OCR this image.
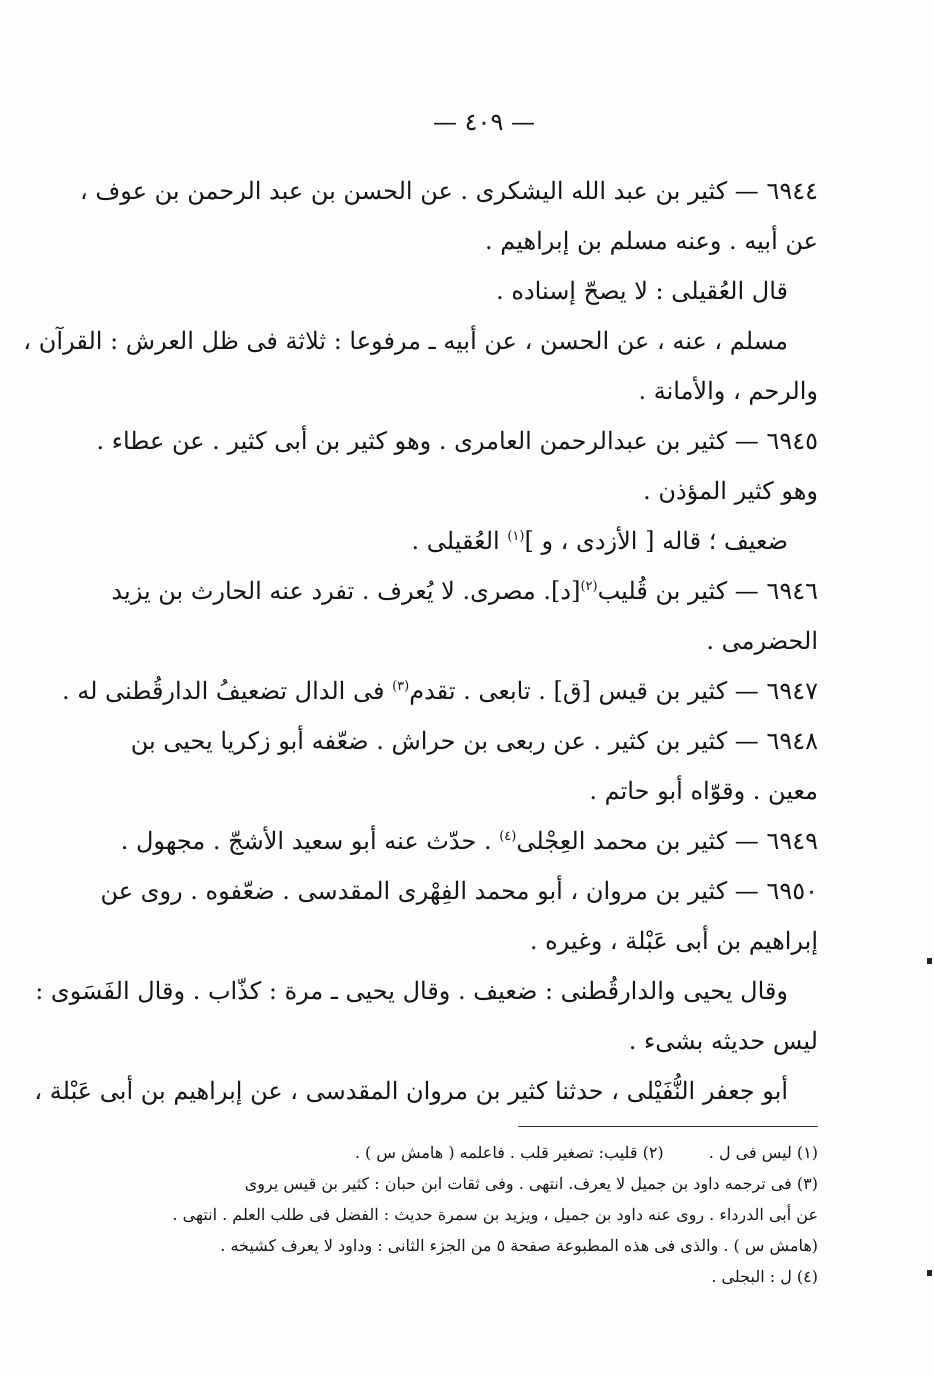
— ٤٠٩ —

٦٩٤٤ — كثير بن عبد الله اليشكرى . عن الحسن بن عبد الرحمن بن عوف ،

عن أبيه . وعنه مسلم بن إبراهيم .

قال العُقيلى : لا يصحّ إسناده .

مسلم ، عنه ، عن الحسن ، عن أبيه ـ مرفوعا : ثلاثة فى ظل العرش : القرآن ،

والرحم ، والأمانة .

٦٩٤٥ — كثير بن عبدالرحمن العامرى . وهو كثير بن أبى كثير . عن عطاء .

وهو كثير المؤذن .

ضعيف ؛ قاله [ الأزدى ، و ]$^{(١)}$ العُقيلى .

٦٩٤٦ — كثير بن قُليب$^{(٢)}$[د]. مصرى. لا يُعرف . تفرد عنه الحارث بن يزيد

الحضرمى .

٦٩٤٧ — كثير بن قيس [ق] . تابعى . تقدم$^{(٣)}$ فى الدال تضعيفُ الدارقُطنى له .

٦٩٤٨ — كثير بن كثير . عن ربعى بن حراش . ضعّفه أبو زكريا يحيى بن

معين . وقوّاه أبو حاتم .

٦٩٤٩ — كثير بن محمد العِجْلى$^{(٤)}$ . حدّث عنه أبو سعيد الأشجّ . مجهول .

٦٩٥٠ — كثير بن مروان ، أبو محمد الفِهْرى المقدسى . ضعّفوه . روى عن

إبراهيم بن أبى عَبْلة ، وغيره .

وقال يحيى والدارقُطنى : ضعيف . وقال يحيى ـ مرة : كذّاب . وقال الفَسَوى :

ليس حديثه بشىء .

أبو جعفر النُّفَيْلى ، حدثنا كثير بن مروان المقدسى ، عن إبراهيم بن أبى عَبْلة ،

(١) ليس فى ل . (٢) قليب: تصغير قلب . فاعلمه ( هامش س ) .

(٣) فى ترجمه داود بن جميل لا يعرف. انتهى . وفى ثقات ابن حبان : كثير بن قيس يروى

عن أبى الدرداء . روى عنه داود بن جميل ، ويزيد بن سمرة حديث : الفضل فى طلب العلم . انتهى .

(هامش س ) . والذى فى هذه المطبوعة صفحة ٥ من الجزء الثانى : وداود لا يعرف كشيخه .

(٤) ل : البجلى .
